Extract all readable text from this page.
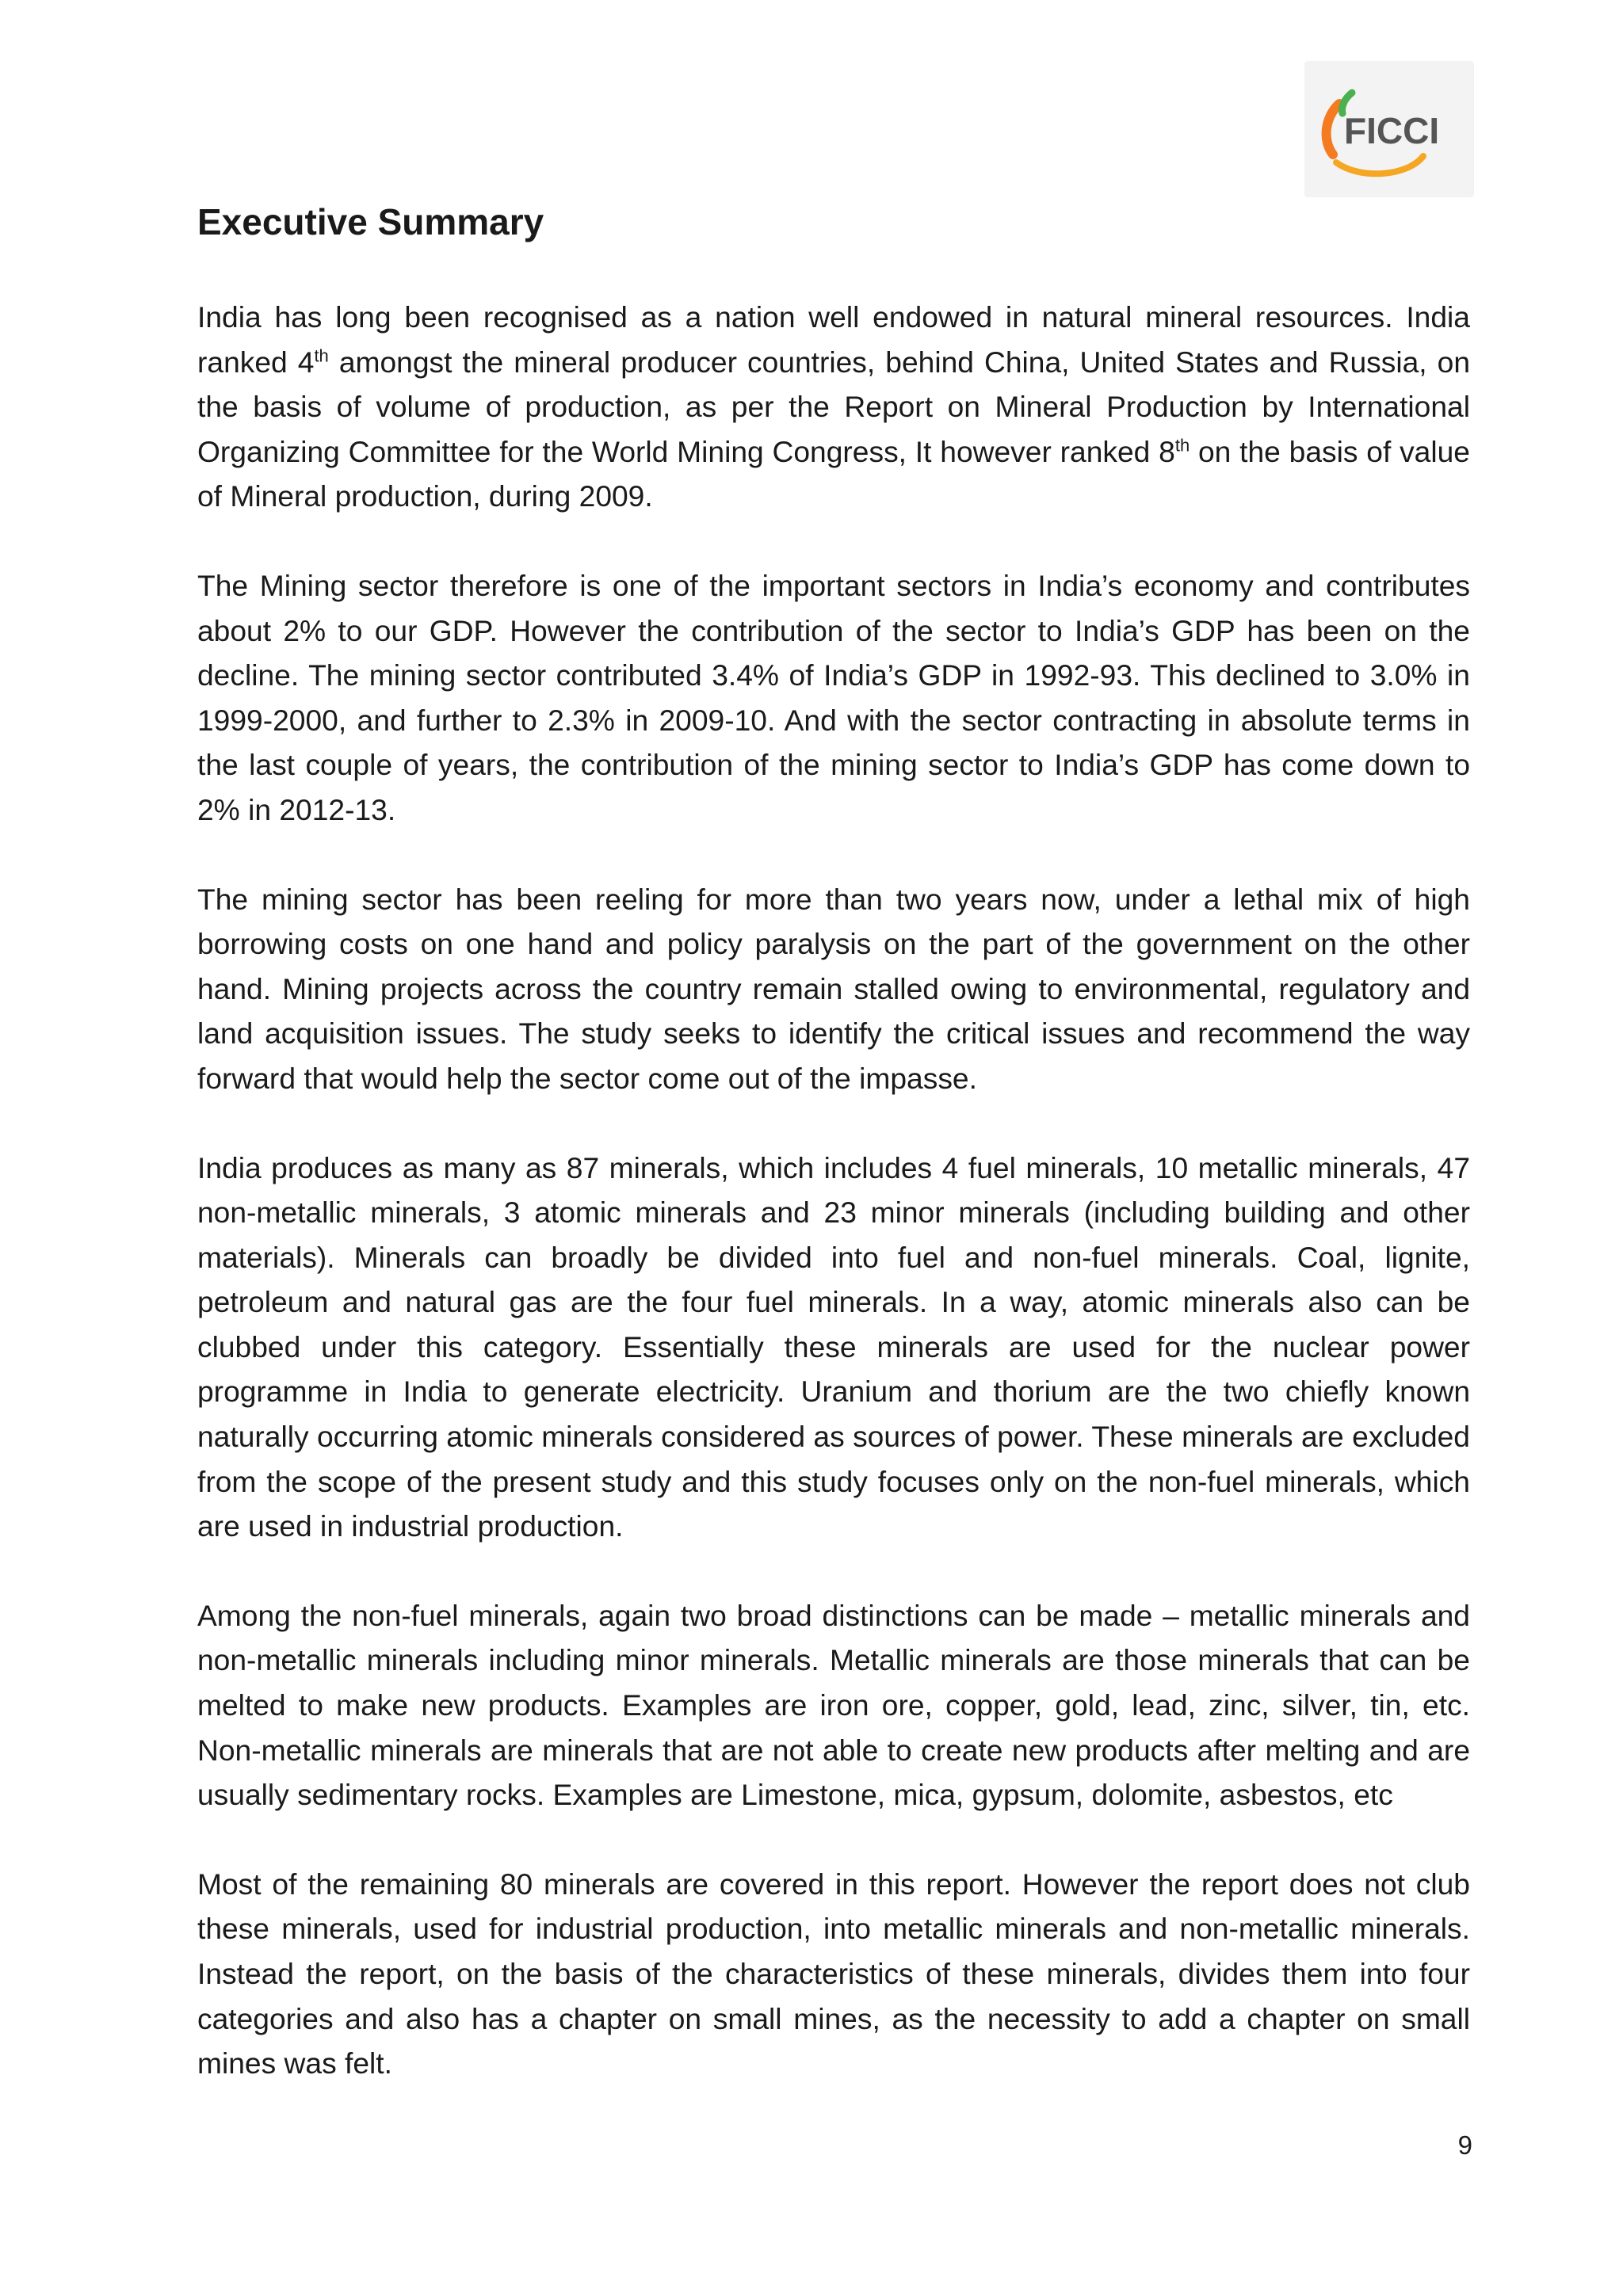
FICCI
Executive Summary

India has long been recognised as a nation well endowed in natural mineral resources. India ranked 4th amongst the mineral producer countries, behind China, United States and Russia, on the basis of volume of production, as per the Report on Mineral Production by International Organizing Committee for the World Mining Congress, It however ranked 8th on the basis of value of Mineral production, during 2009.

The Mining sector therefore is one of the important sectors in India’s economy and contributes about 2% to our GDP. However the contribution of the sector to India’s GDP has been on the decline. The mining sector contributed 3.4% of India’s GDP in 1992-93. This declined to 3.0% in 1999-2000, and further to 2.3% in 2009-10. And with the sector contracting in absolute terms in the last couple of years, the contribution of the mining sector to India’s GDP has come down to 2% in 2012-13.

The mining sector has been reeling for more than two years now, under a lethal mix of high borrowing costs on one hand and policy paralysis on the part of the government on the other hand. Mining projects across the country remain stalled owing to environmental, regulatory and land acquisition issues. The study seeks to identify the critical issues and recommend the way forward that would help the sector come out of the impasse.

India produces as many as 87 minerals, which includes 4 fuel minerals, 10 metallic minerals, 47 non-metallic minerals, 3 atomic minerals and 23 minor minerals (including building and other materials). Minerals can broadly be divided into fuel and non-fuel minerals. Coal, lignite, petroleum and natural gas are the four fuel minerals. In a way, atomic minerals also can be clubbed under this category. Essentially these minerals are used for the nuclear power programme in India to generate electricity. Uranium and thorium are the two chiefly known naturally occurring atomic minerals considered as sources of power. These minerals are excluded from the scope of the present study and this study focuses only on the non-fuel minerals, which are used in industrial production.

Among the non-fuel minerals, again two broad distinctions can be made – metallic minerals and non-metallic minerals including minor minerals. Metallic minerals are those minerals that can be melted to make new products. Examples are iron ore, copper, gold, lead, zinc, silver, tin, etc. Non-metallic minerals are minerals that are not able to create new products after melting and are usually sedimentary rocks. Examples are Limestone, mica, gypsum, dolomite, asbestos, etc

Most of the remaining 80 minerals are covered in this report. However the report does not club these minerals, used for industrial production, into metallic minerals and non-metallic minerals. Instead the report, on the basis of the characteristics of these minerals, divides them into four categories and also has a chapter on small mines, as the necessity to add a chapter on small mines was felt.

9
